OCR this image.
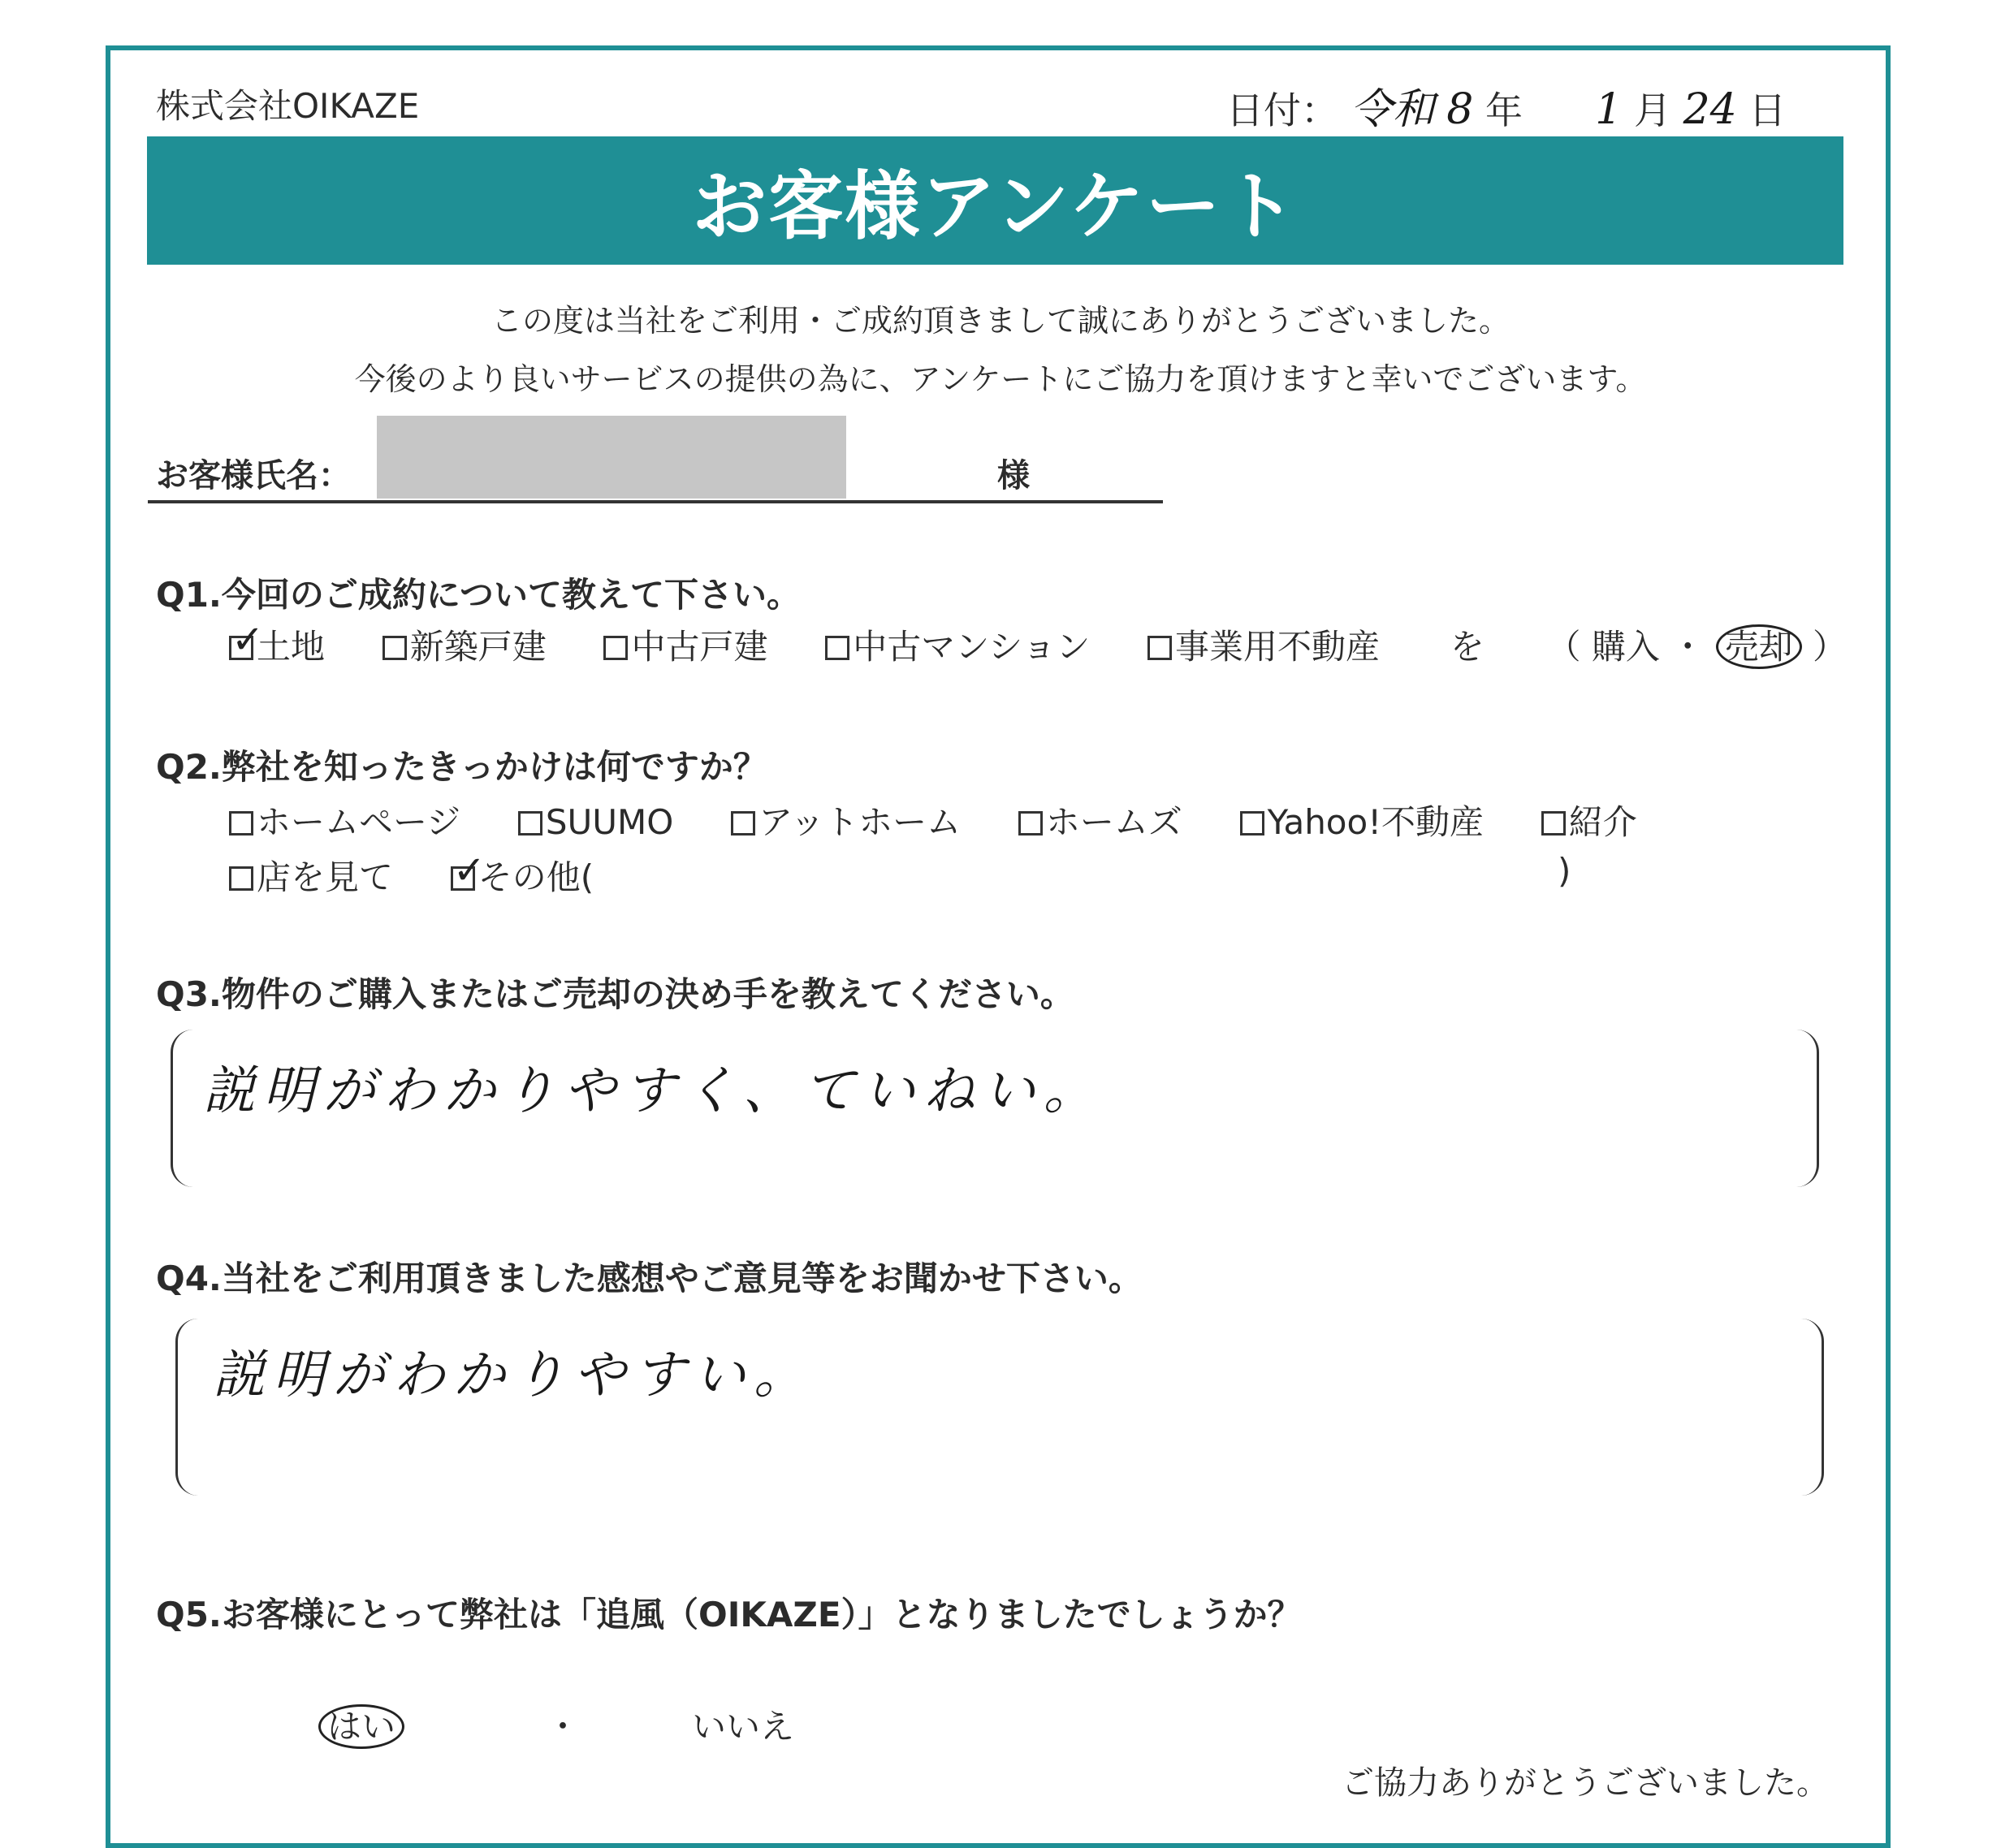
株式会社OIKAZE	日付： 令和 8 年 1 月 24 日
お客様アンケート
この度は当社をご利用・ご成約頂きまして誠にありがとうございました。
今後のより良いサービスの提供の為に、アンケートにご協力を頂けますと幸いでございます。
お客様氏名：	様
Q1.今回のご成約について教えて下さい。
✓土地 新築戸建 中古戸建 中古マンション 事業用不動産 を （ 購入 ・ 売却 ）
Q2.弊社を知ったきっかけは何ですか？
ホームページ SUUMO アットホーム ホームズ Yahoo!不動産 紹介
店を見て  ✓ その他(	)
Q3.物件のご購入またはご売却の決め手を教えてください。
説明がわかりやすく、ていねい。
Q4.当社をご利用頂きました感想やご意見等をお聞かせ下さい。
説明がわかりやすい。
Q5.お客様にとって弊社は「追風（OIKAZE）」となりましたでしょうか？
はい	・	いいえ
ご協力ありがとうございました。
